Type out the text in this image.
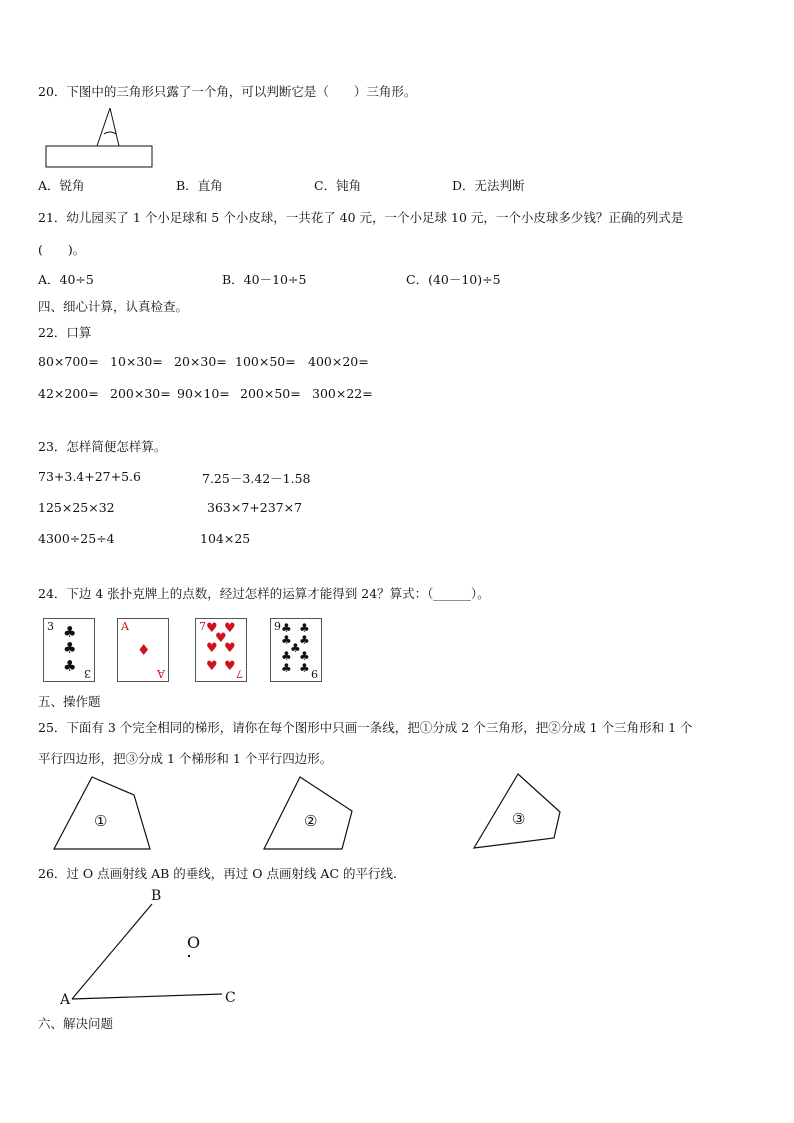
20．下图中的三角形只露了一个角，可以判断它是（　　）三角形。
A．锐角	B．直角	C．钝角	D．无法判断
21．幼儿园买了 1 个小足球和 5 个小皮球，一共花了 40 元，一个小足球 10 元，一个小皮球多少钱？正确的列式是
(　　)。
A．40÷5	B．40－10÷5	C．(40－10)÷5
四、细心计算，认真检查。
22．口算
80×700= 10×30= 20×30= 100×50= 400×20=
42×200= 200×30= 90×10= 200×50= 300×22=
23．怎样简便怎样算。
73+3.4+27+5.6	7.25－3.42－1.58
125×25×32	363×7+237×7
4300÷25÷4	104×25
24．下边 4 张扑克牌上的点数，经过怎样的运算才能得到 24？算式：（______）。
3 ♣
♣
♣ 3
A
♦
A
7 ♥ ♥
♥
♥ ♥
♥ ♥ 7
9 ♣ ♣
♣ ♣
♣
♣ ♣
♣ ♣ 9
五、操作题
25．下面有 3 个完全相同的梯形，请你在每个图形中只画一条线，把①分成 2 个三角形，把②分成 1 个三角形和 1 个
平行四边形，把③分成 1 个梯形和 1 个平行四边形。
①	②	③
26．过 O 点画射线 AB 的垂线，再过 O 点画射线 AC 的平行线．
B
O
A	C
六、解决问题
